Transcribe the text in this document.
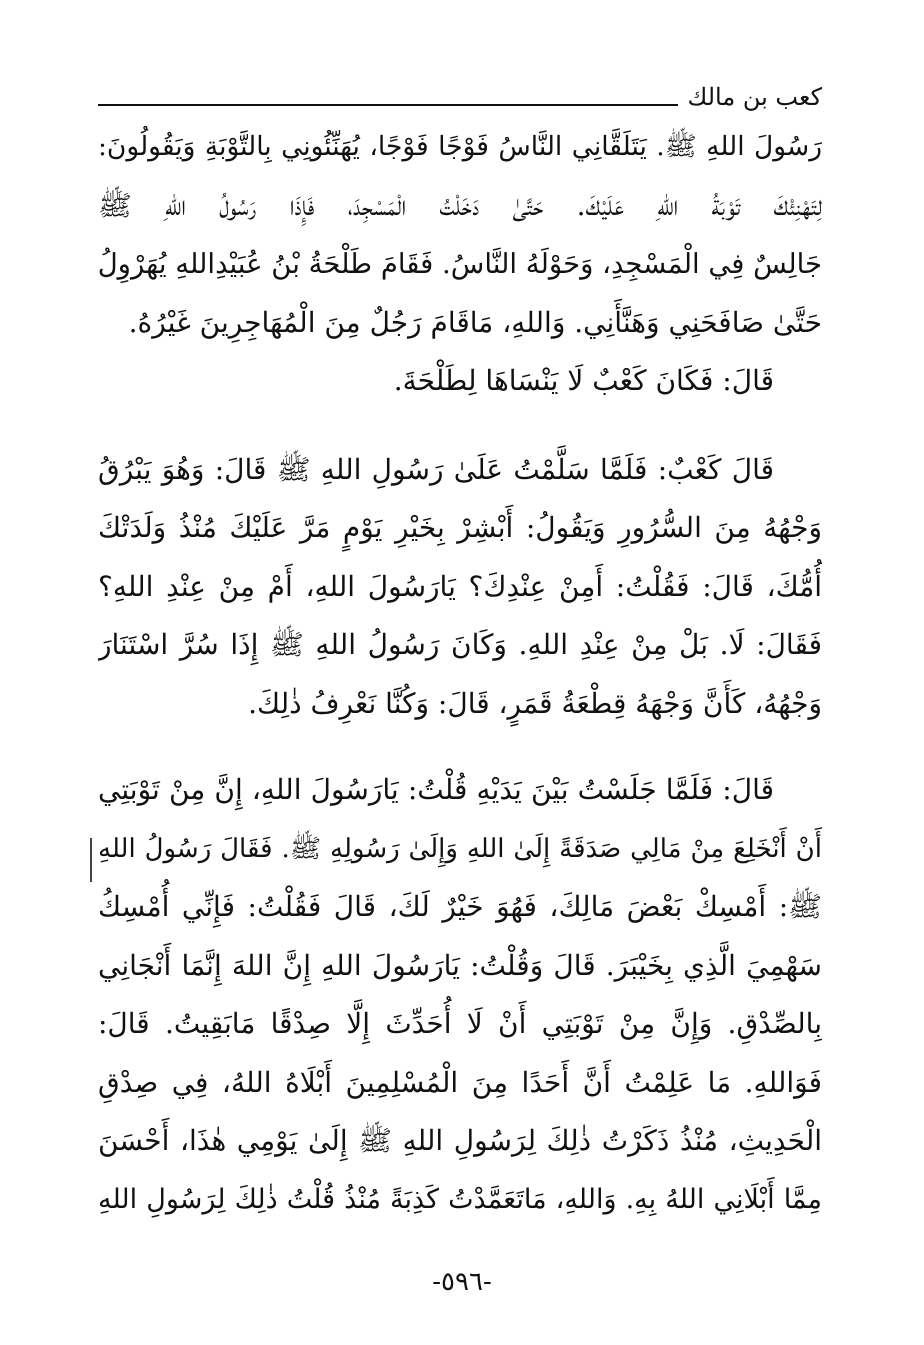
كعب بن مالك
رَسُولَ اللهِ ﷺ. يَتَلَقَّانِي النَّاسُ فَوْجًا فَوْجًا، يُهَنِّئُونِي بِالتَّوْبَةِ وَيَقُولُونَ:
لِتَهْنِئْكَ تَوْبَةُ اللهِ عَلَيْكَ. حَتَّىٰ دَخَلْتُ الْمَسْجِدَ، فَإِذَا رَسُولُ اللهِ ﷺ
جَالِسٌ فِي الْمَسْجِدِ، وَحَوْلَهُ النَّاسُ. فَقَامَ طَلْحَةُ بْنُ عُبَيْدِاللهِ يُهَرْوِلُ
حَتَّىٰ صَافَحَنِي وَهَنَّأَنِي. وَاللهِ، مَاقَامَ رَجُلٌ مِنَ الْمُهَاجِرِينَ غَيْرُهُ.
قَالَ: فَكَانَ كَعْبٌ لَا يَنْسَاهَا لِطَلْحَةَ.
قَالَ كَعْبٌ: فَلَمَّا سَلَّمْتُ عَلَىٰ رَسُولِ اللهِ ﷺ قَالَ: وَهُوَ يَبْرُقُ
وَجْهُهُ مِنَ السُّرُورِ وَيَقُولُ: أَبْشِرْ بِخَيْرِ يَوْمٍ مَرَّ عَلَيْكَ مُنْذُ وَلَدَتْكَ
أُمُّكَ، قَالَ: فَقُلْتُ: أَمِنْ عِنْدِكَ؟ يَارَسُولَ اللهِ، أَمْ مِنْ عِنْدِ اللهِ؟
فَقَالَ: لَا. بَلْ مِنْ عِنْدِ اللهِ. وَكَانَ رَسُولُ اللهِ ﷺ إِذَا سُرَّ اسْتَنَارَ
وَجْهُهُ، كَأَنَّ وَجْهَهُ قِطْعَةُ قَمَرٍ، قَالَ: وَكُنَّا نَعْرِفُ ذٰلِكَ.
قَالَ: فَلَمَّا جَلَسْتُ بَيْنَ يَدَيْهِ قُلْتُ: يَارَسُولَ اللهِ، إِنَّ مِنْ تَوْبَتِي
أَنْ أَنْخَلِعَ مِنْ مَالِي صَدَقَةً إِلَىٰ اللهِ وَإِلَىٰ رَسُولِهِ ﷺ. فَقَالَ رَسُولُ اللهِ
ﷺ: أَمْسِكْ بَعْضَ مَالِكَ، فَهُوَ خَيْرٌ لَكَ، قَالَ فَقُلْتُ: فَإِنِّي أُمْسِكُ
سَهْمِيَ الَّذِي بِخَيْبَرَ. قَالَ وَقُلْتُ: يَارَسُولَ اللهِ إِنَّ اللهَ إِنَّمَا أَنْجَانِي
بِالصِّدْقِ. وَإِنَّ مِنْ تَوْبَتِي أَنْ لَا أُحَدِّثَ إِلَّا صِدْقًا مَابَقِيتُ. قَالَ:
فَوَاللهِ. مَا عَلِمْتُ أَنَّ أَحَدًا مِنَ الْمُسْلِمِينَ أَبْلَاهُ اللهُ، فِي صِدْقِ
الْحَدِيثِ، مُنْذُ ذَكَرْتُ ذٰلِكَ لِرَسُولِ اللهِ ﷺ إِلَىٰ يَوْمِي هٰذَا، أَحْسَنَ
مِمَّا أَبْلَانِي اللهُ بِهِ. وَاللهِ، مَاتَعَمَّدْتُ كَذِبَةً مُنْذُ قُلْتُ ذٰلِكَ لِرَسُولِ اللهِ
-٥٩٦-
